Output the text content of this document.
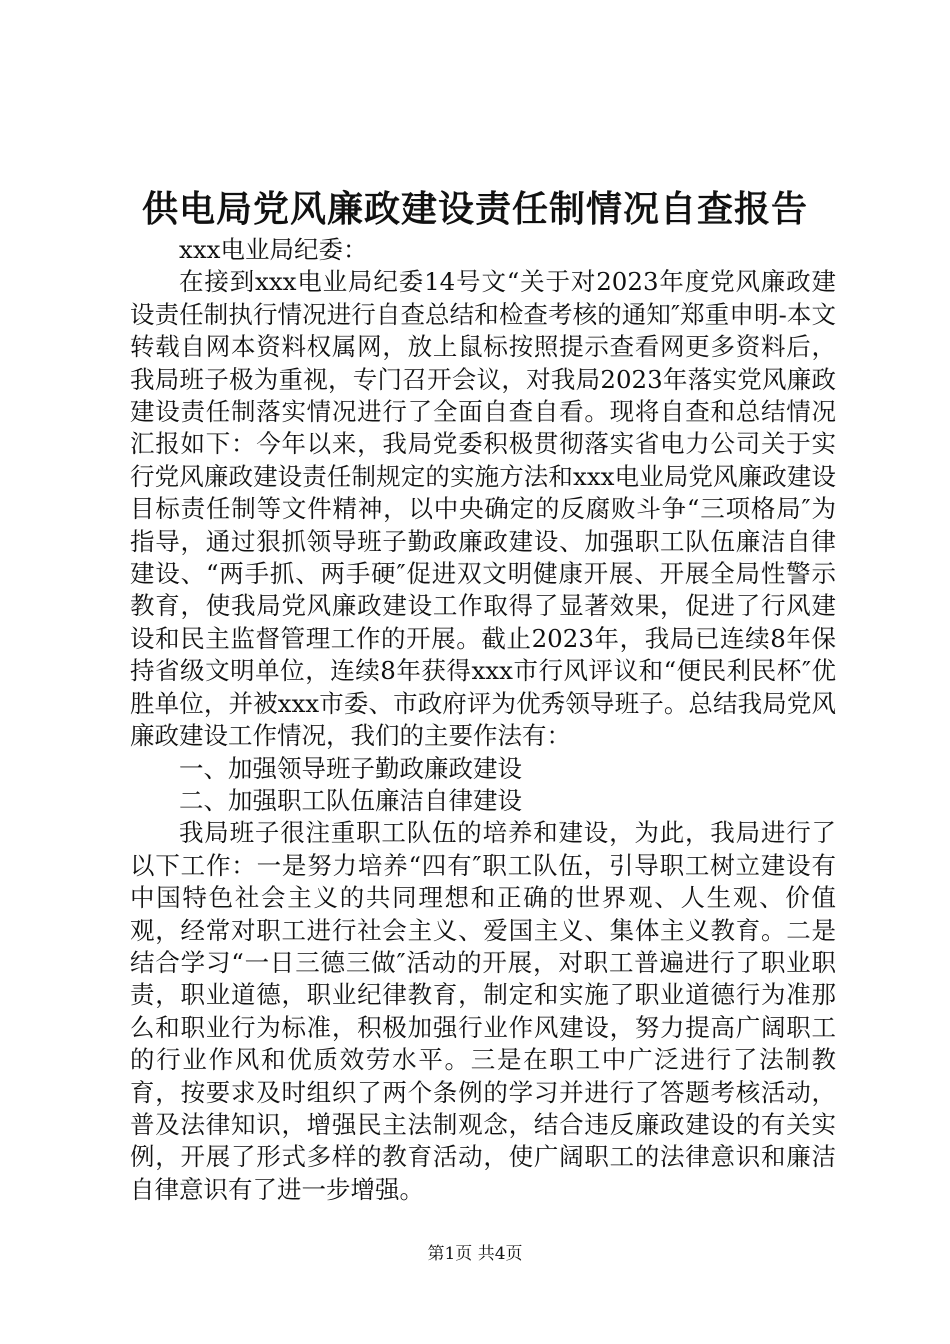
供电局党风廉政建设责任制情况自查报告

xxx电业局纪委：

在接到xxx电业局纪委14号文“关于对2023年度党风廉政建设责任制执行情况进行自查总结和检查考核的通知″郑重申明-本文转载自网本资料权属网，放上鼠标按照提示查看网更多资料后，我局班子极为重视，专门召开会议，对我局2023年落实党风廉政建设责任制落实情况进行了全面自查自看。现将自查和总结情况汇报如下：今年以来，我局党委积极贯彻落实省电力公司关于实行党风廉政建设责任制规定的实施方法和xxx电业局党风廉政建设目标责任制等文件精神，以中央确定的反腐败斗争“三项格局″为指导，通过狠抓领导班子勤政廉政建设、加强职工队伍廉洁自律建设、“两手抓、两手硬″促进双文明健康开展、开展全局性警示教育，使我局党风廉政建设工作取得了显著效果，促进了行风建设和民主监督管理工作的开展。截止2023年，我局已连续8年保持省级文明单位，连续8年获得xxx市行风评议和“便民利民杯″优胜单位，并被xxx市委、市政府评为优秀领导班子。总结我局党风廉政建设工作情况，我们的主要作法有：

一、加强领导班子勤政廉政建设

二、加强职工队伍廉洁自律建设

我局班子很注重职工队伍的培养和建设，为此，我局进行了以下工作：一是努力培养“四有″职工队伍，引导职工树立建设有中国特色社会主义的共同理想和正确的世界观、人生观、价值观，经常对职工进行社会主义、爱国主义、集体主义教育。二是结合学习“一日三德三做″活动的开展，对职工普遍进行了职业职责，职业道德，职业纪律教育，制定和实施了职业道德行为准那么和职业行为标准，积极加强行业作风建设，努力提高广阔职工的行业作风和优质效劳水平。三是在职工中广泛进行了法制教育，按要求及时组织了两个条例的学习并进行了答题考核活动，普及法律知识，增强民主法制观念，结合违反廉政建设的有关实例，开展了形式多样的教育活动，使广阔职工的法律意识和廉洁自律意识有了进一步增强。

第1页 共4页
